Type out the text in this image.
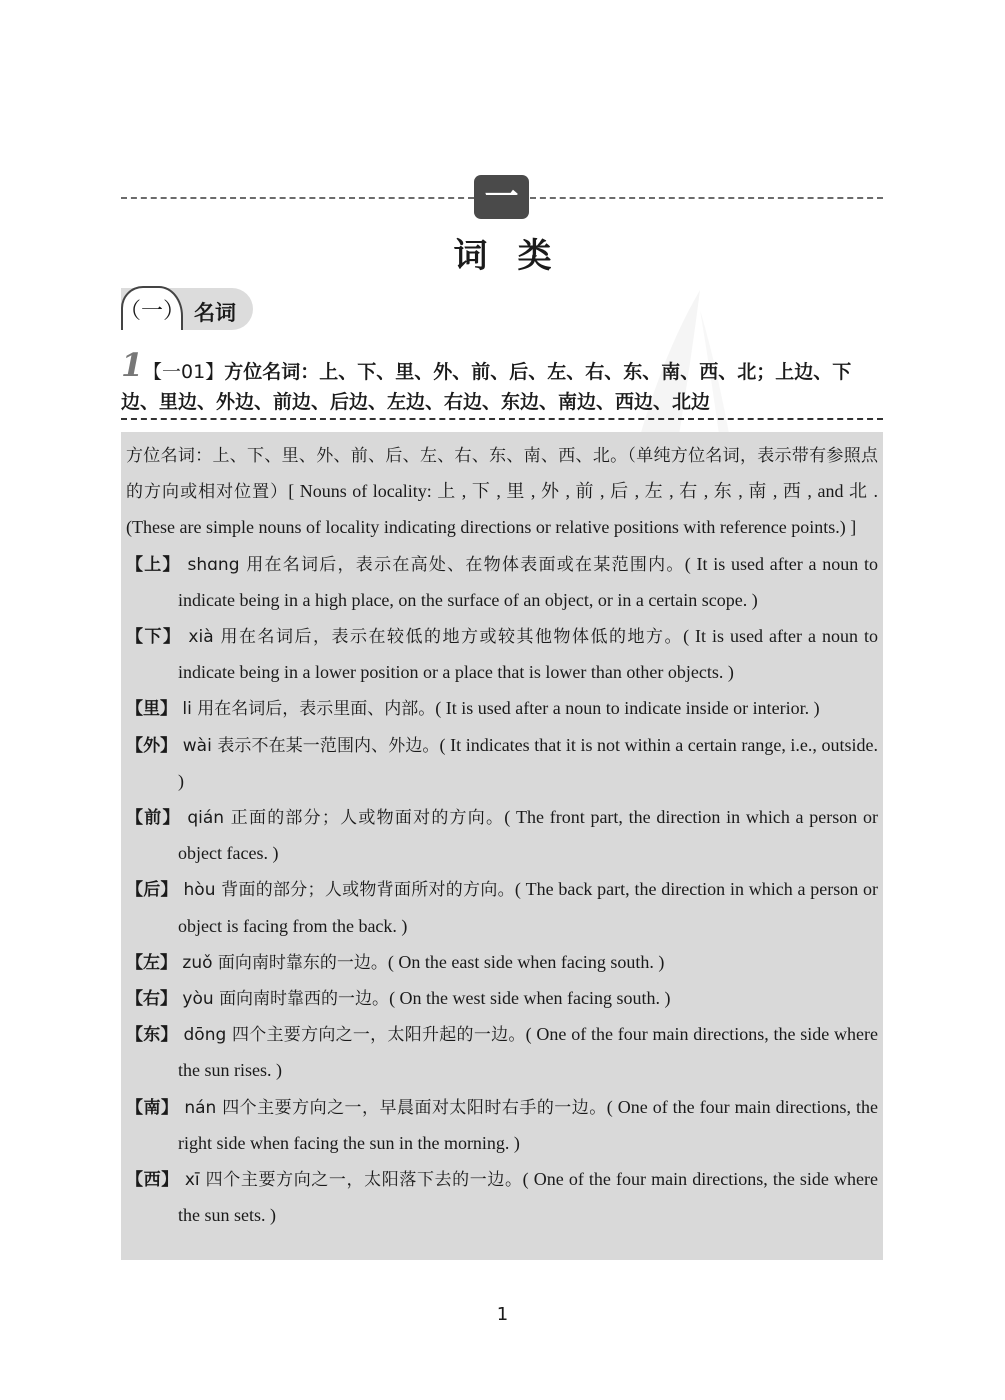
一
词类
（一） 名词
1 【一01】方位名词：上、下、里、外、前、后、左、右、东、南、西、北；上边、下边、里边、外边、前边、后边、左边、右边、东边、南边、西边、北边

方位名词：上、下、里、外、前、后、左、右、东、南、西、北。（单纯方位名词，表示带有参照点的方向或相对位置）[ Nouns of locality: 上 , 下 , 里 , 外 , 前 , 后 , 左 , 右 , 东 , 南 , 西 , and 北 . (These are simple nouns of locality indicating directions or relative positions with reference points.) ]

【上】 shɑng 用在名词后，表示在高处、在物体表面或在某范围内。( It is used after a noun to indicate being in a high place, on the surface of an object, or in a certain scope. )

【下】 xià 用在名词后，表示在较低的地方或较其他物体低的地方。( It is used after a noun to indicate being in a lower position or a place that is lower than other objects. )

【里】 li 用在名词后，表示里面、内部。( It is used after a noun to indicate inside or interior. )

【外】 wài 表示不在某一范围内、外边。( It indicates that it is not within a certain range, i.e., outside. )

【前】 qián 正面的部分；人或物面对的方向。( The front part, the direction in which a person or object faces. )

【后】 hòu 背面的部分；人或物背面所对的方向。( The back part, the direction in which a person or object is facing from the back. )

【左】 zuǒ 面向南时靠东的一边。( On the east side when facing south. )

【右】 yòu 面向南时靠西的一边。( On the west side when facing south. )

【东】 dōng 四个主要方向之一，太阳升起的一边。( One of the four main directions, the side where the sun rises. )

【南】 nán 四个主要方向之一，早晨面对太阳时右手的一边。( One of the four main directions, the right side when facing the sun in the morning. )

【西】 xī 四个主要方向之一，太阳落下去的一边。( One of the four main directions, the side where the sun sets. )

1
